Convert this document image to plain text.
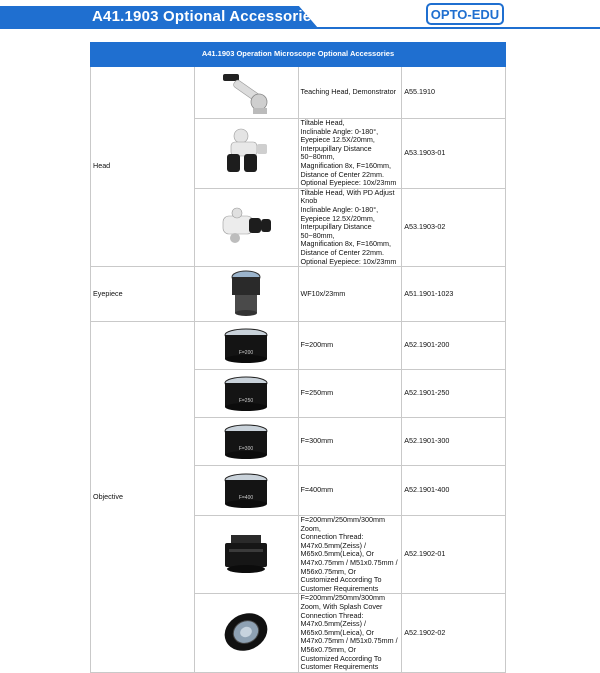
A41.1903 Optional Accessories	OPTO-EDU
A41.1903 Operation Microscope Optional Accessories			
Head		Teaching Head, Demonstrator	A55.1910

Tiltable Head,
Inclinable Angle: 0-180°,
Eyepiece 12.5X/20mm, Interpupillary Distance 50~80mm,
Magnification 8x, F=160mm, Distance of Center 22mm.
Optional Eyepiece: 10x/23mm	A53.1903-01

Tiltable Head, With PD Adjust Knob
Inclinable Angle: 0-180°,
Eyepiece 12.5X/20mm, Interpupillary Distance 50~80mm,
Magnification 8x, F=160mm, Distance of Center 22mm.
Optional Eyepiece: 10x/23mm	A53.1903-02
Eyepiece		WF10x/23mm	A51.1901-1023
Objective	F=200	F=200mm	A52.1901-200

F=250	F=250mm	A52.1901-250

F=300	F=300mm	A52.1901-300

F=400	F=400mm	A52.1901-400

F=200mm/250mm/300mm Zoom,
Connection Thread:
M47x0.5mm(Zeiss) / M65x0.5mm(Leica), Or
M47x0.75mm / M51x0.75mm / M56x0.75mm, Or
Customized According To Customer Requirements	A52.1902-01

F=200mm/250mm/300mm Zoom, With Splash Cover
Connection Thread:
M47x0.5mm(Zeiss) / M65x0.5mm(Leica), Or
M47x0.75mm / M51x0.75mm / M56x0.75mm, Or
Customized According To Customer Requirements	A52.1902-02
